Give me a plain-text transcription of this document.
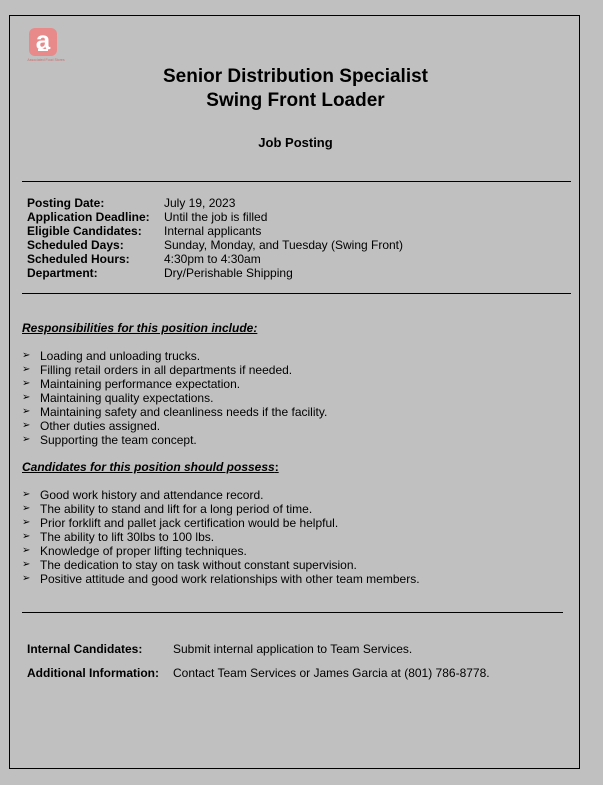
a
Associated Food Stores
Senior Distribution Specialist
Swing Front Loader
Job Posting
Posting Date:	July 19, 2023
Application Deadline:	Until the job is filled
Eligible Candidates:	Internal applicants
Scheduled Days:	Sunday, Monday, and Tuesday (Swing Front)
Scheduled Hours:	4:30pm to 4:30am
Department:	Dry/Perishable Shipping
Responsibilities for this position include:
➢ Loading and unloading trucks.
➢ Filling retail orders in all departments if needed.
➢ Maintaining performance expectation.
➢ Maintaining quality expectations.
➢ Maintaining safety and cleanliness needs if the facility.
➢ Other duties assigned.
➢ Supporting the team concept.
Candidates for this position should possess:
➢ Good work history and attendance record.
➢ The ability to stand and lift for a long period of time.
➢ Prior forklift and pallet jack certification would be helpful.
➢ The ability to lift 30lbs to 100 lbs.
➢ Knowledge of proper lifting techniques.
➢ The dedication to stay on task without constant supervision.
➢ Positive attitude and good work relationships with other team members.
Internal Candidates:	Submit internal application to Team Services.
Additional Information:	Contact Team Services or James Garcia at (801) 786-8778.
